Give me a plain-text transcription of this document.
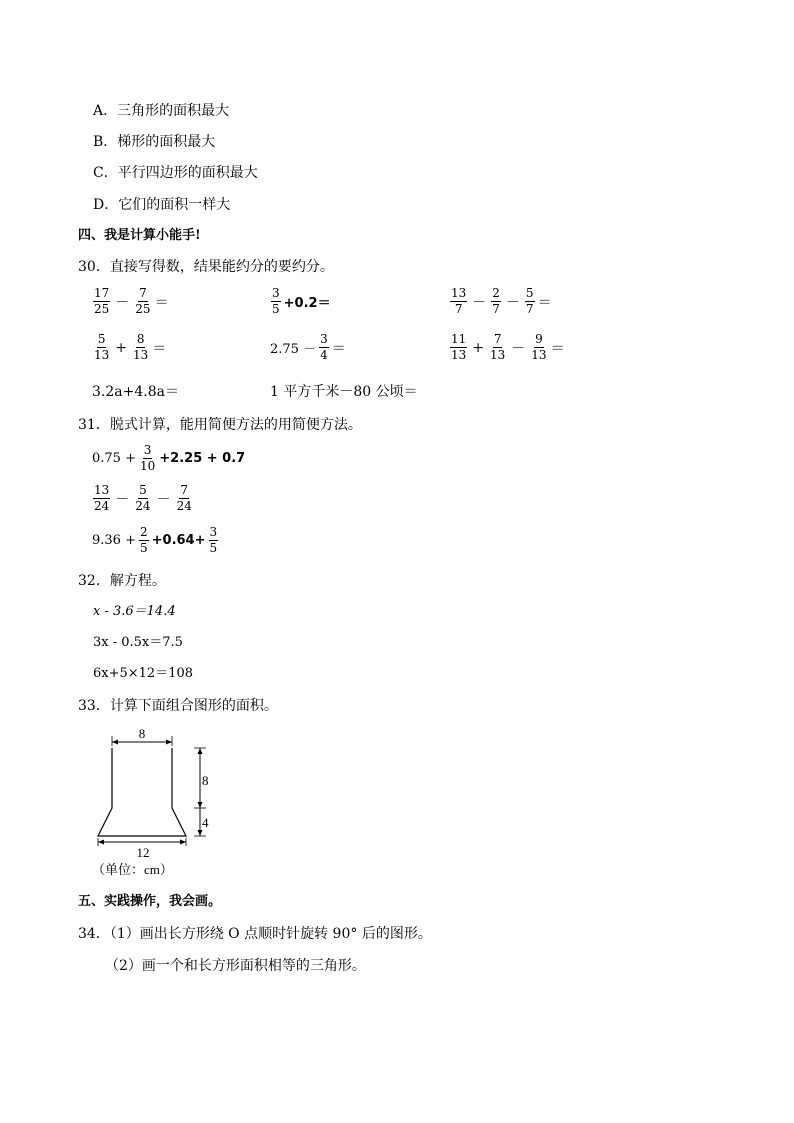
A．三角形的面积最大
B．梯形的面积最大
C．平行四边形的面积最大
D．它们的面积一样大
四、我是计算小能手!
30．直接写得数，结果能约分的要约分。
$\frac{17}{25} - \frac{7}{25}$ ＝	$\frac{3}{5} +0.2=$	$\frac{13}{7} - \frac{2}{7} - \frac{5}{7}$ ＝
$\frac{5}{13} + \frac{8}{13}$ ＝	$2.75 - \frac{3}{4}$ ＝	$\frac{11}{13} + \frac{7}{13} - \frac{9}{13}$ ＝
3.2a+4.8a＝	1 平方千米－80 公顷＝
31．脱式计算，能用简便方法的用简便方法。
$0.75 + \frac{3}{10} +2.25 + 0.7$
$\frac{13}{24} - \frac{5}{24} - \frac{7}{24}$
$9.36 + \frac{2}{5} +0.64+ \frac{3}{5}$
32．解方程。
x - 3.6＝14.4
3x - 0.5x＝7.5
6x+5×12＝108
33．计算下面组合图形的面积。
8
8
4
12
（单位：cm）
五、实践操作，我会画。
34．（1）画出长方形绕 O 点顺时针旋转 90° 后的图形。
（2）画一个和长方形面积相等的三角形。
